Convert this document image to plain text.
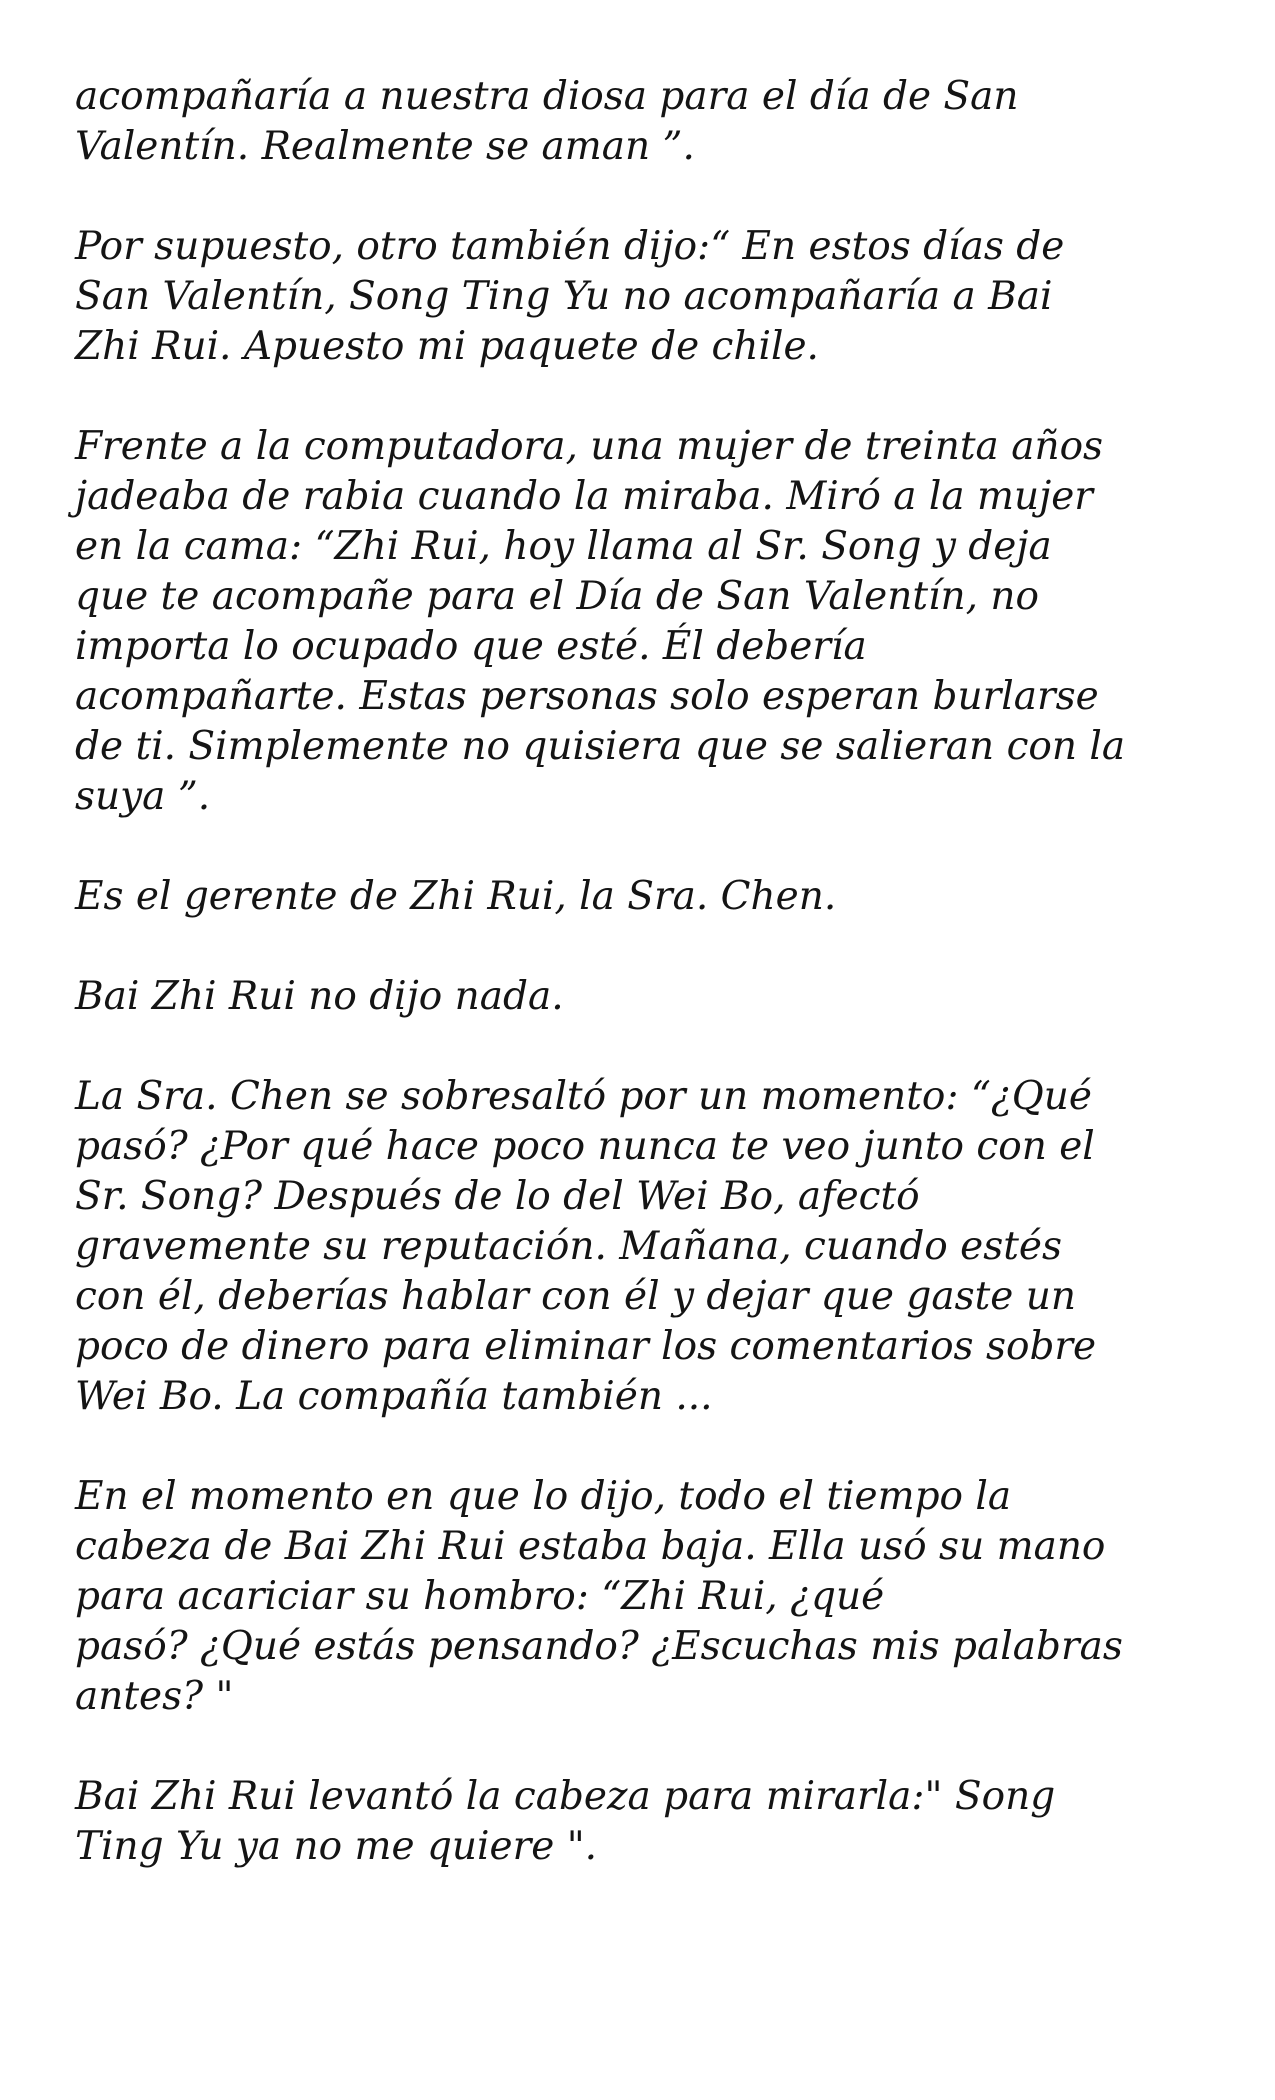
acompañaría a nuestra diosa para el día de San
Valentín. Realmente se aman ”.

Por supuesto, otro también dijo:“ En estos días de
San Valentín, Song Ting Yu no acompañaría a Bai
Zhi Rui. Apuesto mi paquete de chile.

Frente a la computadora, una mujer de treinta años
jadeaba de rabia cuando la miraba. Miró a la mujer
en la cama: “Zhi Rui, hoy llama al Sr. Song y deja
que te acompañe para el Día de San Valentín, no
importa lo ocupado que esté. Él debería
acompañarte. Estas personas solo esperan burlarse
de ti. Simplemente no quisiera que se salieran con la
suya ”.

Es el gerente de Zhi Rui, la Sra. Chen.

Bai Zhi Rui no dijo nada.

La Sra. Chen se sobresaltó por un momento: “¿Qué
pasó? ¿Por qué hace poco nunca te veo junto con el
Sr. Song? Después de lo del Wei Bo, afectó
gravemente su reputación. Mañana, cuando estés
con él, deberías hablar con él y dejar que gaste un
poco de dinero para eliminar los comentarios sobre
Wei Bo. La compañía también ...

En el momento en que lo dijo, todo el tiempo la
cabeza de Bai Zhi Rui estaba baja. Ella usó su mano
para acariciar su hombro: “Zhi Rui, ¿qué
pasó? ¿Qué estás pensando? ¿Escuchas mis palabras
antes? "

Bai Zhi Rui levantó la cabeza para mirarla:" Song
Ting Yu ya no me quiere ".
